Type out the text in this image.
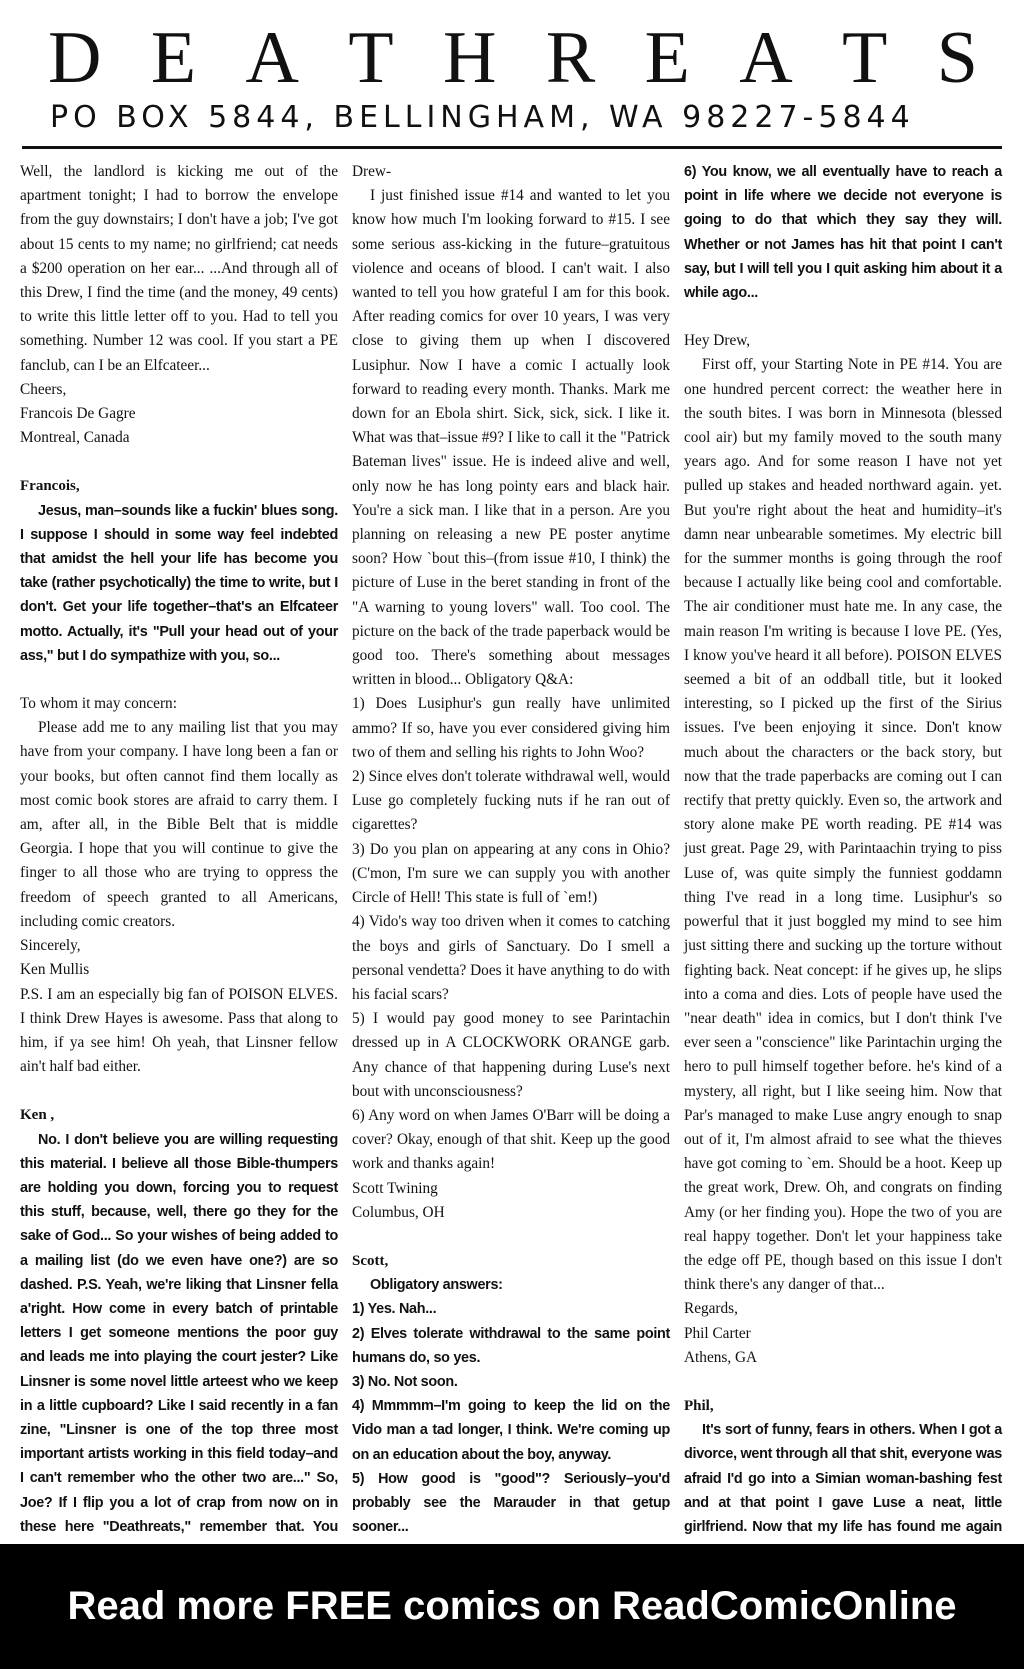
D E A T H R E A T S
PO BOX 5844, BELLINGHAM, WA 98227-5844

Well, the landlord is kicking me out of the apartment tonight; I had to borrow the envelope from the guy downstairs; I don't have a job; I've got about 15 cents to my name; no girlfriend; cat needs a $200 operation on her ear... ...And through all of this Drew, I find the time (and the money, 49 cents) to write this little letter off to you. Had to tell you something. Number 12 was cool. If you start a PE fanclub, can I be an Elfcateer...

Cheers,
Francois De Gagre
Montreal, Canada

Francois,

Jesus, man–sounds like a fuckin' blues song. I suppose I should in some way feel indebted that amidst the hell your life has become you take (rather psychotically) the time to write, but I don't. Get your life together–that's an Elfcateer motto. Actually, it's "Pull your head out of your ass," but I do sympathize with you, so...

To whom it may concern:

Please add me to any mailing list that you may have from your company. I have long been a fan or your books, but often cannot find them locally as most comic book stores are afraid to carry them. I am, after all, in the Bible Belt that is middle Georgia. I hope that you will continue to give the finger to all those who are trying to oppress the freedom of speech granted to all Americans, including comic creators.

Sincerely,
Ken Mullis

P.S. I am an especially big fan of POISON ELVES. I think Drew Hayes is awesome. Pass that along to him, if ya see him! Oh yeah, that Linsner fellow ain't half bad either.

Ken ,

No. I don't believe you are willing requesting this material. I believe all those Bible-thumpers are holding you down, forcing you to request this stuff, because, well, there go they for the sake of God... So your wishes of being added to a mailing list (do we even have one?) are so dashed. P.S. Yeah, we're liking that Linsner fella a'right. How come in every batch of printable letters I get someone mentions the poor guy and leads me into playing the court jester? Like Linsner is some novel little arteest who we keep in a little cupboard? Like I said recently in a fan zine, "Linsner is one of the top three most important artists working in this field today–and I can't remember who the other two are..." So, Joe? If I flip you a lot of crap from now on in these here "Deathreats," remember that. You

Drew-

I just finished issue #14 and wanted to let you know how much I'm looking forward to #15. I see some serious ass-kicking in the future–gratuitous violence and oceans of blood. I can't wait. I also wanted to tell you how grateful I am for this book. After reading comics for over 10 years, I was very close to giving them up when I discovered Lusiphur. Now I have a comic I actually look forward to reading every month. Thanks. Mark me down for an Ebola shirt. Sick, sick, sick. I like it. What was that–issue #9? I like to call it the "Patrick Bateman lives" issue. He is indeed alive and well, only now he has long pointy ears and black hair. You're a sick man. I like that in a person. Are you planning on releasing a new PE poster anytime soon? How `bout this–(from issue #10, I think) the picture of Luse in the beret standing in front of the "A warning to young lovers" wall. Too cool. The picture on the back of the trade paperback would be good too. There's something about messages written in blood... Obligatory Q&A:

1) Does Lusiphur's gun really have unlimited ammo? If so, have you ever considered giving him two of them and selling his rights to John Woo?

2) Since elves don't tolerate withdrawal well, would Luse go completely fucking nuts if he ran out of cigarettes?

3) Do you plan on appearing at any cons in Ohio? (C'mon, I'm sure we can supply you with another Circle of Hell! This state is full of `em!)

4) Vido's way too driven when it comes to catching the boys and girls of Sanctuary. Do I smell a personal vendetta? Does it have anything to do with his facial scars?

5) I would pay good money to see Parintachin dressed up in A CLOCKWORK ORANGE garb. Any chance of that happening during Luse's next bout with unconsciousness?

6) Any word on when James O'Barr will be doing a cover? Okay, enough of that shit. Keep up the good work and thanks again!

Scott Twining
Columbus, OH

Scott,

Obligatory answers:

1) Yes. Nah...

2) Elves tolerate withdrawal to the same point humans do, so yes.

3) No. Not soon.

4) Mmmmm–I'm going to keep the lid on the Vido man a tad longer, I think. We're coming up on an education about the boy, anyway.

5) How good is "good"? Seriously–you'd probably see the Marauder in that getup sooner...

6) You know, we all eventually have to reach a point in life where we decide not everyone is going to do that which they say they will. Whether or not James has hit that point I can't say, but I will tell you I quit asking him about it a while ago...

Hey Drew,

First off, your Starting Note in PE #14. You are one hundred percent correct: the weather here in the south bites. I was born in Minnesota (blessed cool air) but my family moved to the south many years ago. And for some reason I have not yet pulled up stakes and headed northward again. yet. But you're right about the heat and humidity–it's damn near unbearable sometimes. My electric bill for the summer months is going through the roof because I actually like being cool and comfortable. The air conditioner must hate me. In any case, the main reason I'm writing is because I love PE. (Yes, I know you've heard it all before). POISON ELVES seemed a bit of an oddball title, but it looked interesting, so I picked up the first of the Sirius issues. I've been enjoying it since. Don't know much about the characters or the back story, but now that the trade paperbacks are coming out I can rectify that pretty quickly. Even so, the artwork and story alone make PE worth reading. PE #14 was just great. Page 29, with Parintaachin trying to piss Luse of, was quite simply the funniest goddamn thing I've read in a long time. Lusiphur's so powerful that it just boggled my mind to see him just sitting there and sucking up the torture without fighting back. Neat concept: if he gives up, he slips into a coma and dies. Lots of people have used the "near death" idea in comics, but I don't think I've ever seen a "conscience" like Parintachin urging the hero to pull himself together before. he's kind of a mystery, all right, but I like seeing him. Now that Par's managed to make Luse angry enough to snap out of it, I'm almost afraid to see what the thieves have got coming to `em. Should be a hoot. Keep up the great work, Drew. Oh, and congrats on finding Amy (or her finding you). Hope the two of you are real happy together. Don't let your happiness take the edge off PE, though based on this issue I don't think there's any danger of that...

Regards,
Phil Carter
Athens, GA

Phil,

It's sort of funny, fears in others. When I got a divorce, went through all that shit, everyone was afraid I'd go into a Simian woman-bashing fest and at that point I gave Luse a neat, little girlfriend. Now that my life has found me again

Read more FREE comics on ReadComicOnline
